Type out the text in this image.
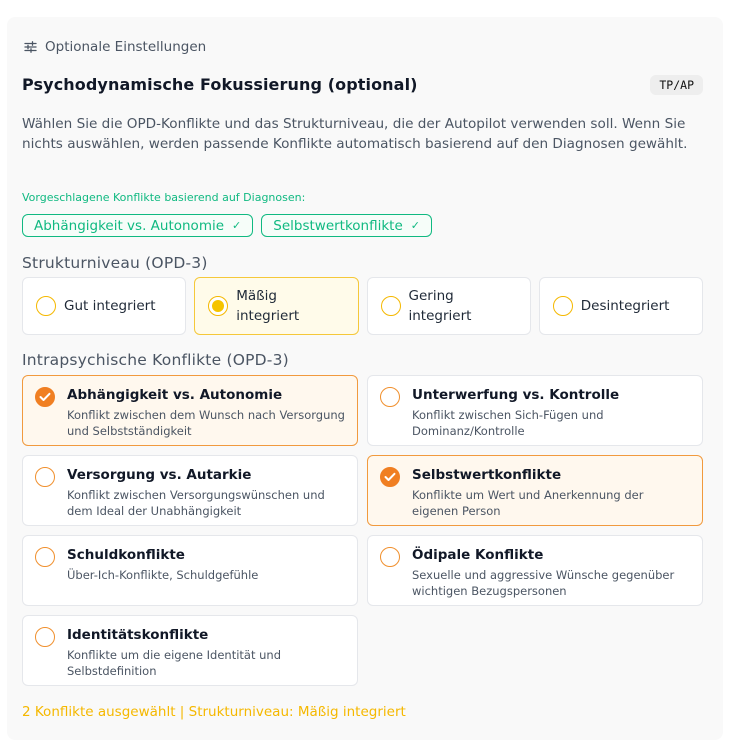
Optionale Einstellungen
Psychodynamische Fokussierung (optional)	TP/AP
Wählen Sie die OPD-Konflikte und das Strukturniveau, die der Autopilot verwenden soll. Wenn Sie nichts auswählen, werden passende Konflikte automatisch basierend auf den Diagnosen gewählt.
Vorgeschlagene Konflikte basierend auf Diagnosen:
Abhängigkeit vs. Autonomie ✓ Selbstwertkonflikte ✓
Strukturniveau (OPD-3)
Gut integriert
Mäßig integriert
Gering integriert
Desintegriert
Intrapsychische Konflikte (OPD-3)
Abhängigkeit vs. Autonomie
Konflikt zwischen dem Wunsch nach Versorgung und Selbstständigkeit
Unterwerfung vs. Kontrolle
Konflikt zwischen Sich-Fügen und Dominanz/Kontrolle
Versorgung vs. Autarkie
Konflikt zwischen Versorgungswünschen und dem Ideal der Unabhängigkeit
Selbstwertkonflikte
Konflikte um Wert und Anerkennung der eigenen Person
Schuldkonflikte
Über-Ich-Konflikte, Schuldgefühle
Ödipale Konflikte
Sexuelle und aggressive Wünsche gegenüber wichtigen Bezugspersonen
Identitätskonflikte
Konflikte um die eigene Identität und Selbstdefinition
2 Konflikte ausgewählt | Strukturniveau: Mäßig integriert
